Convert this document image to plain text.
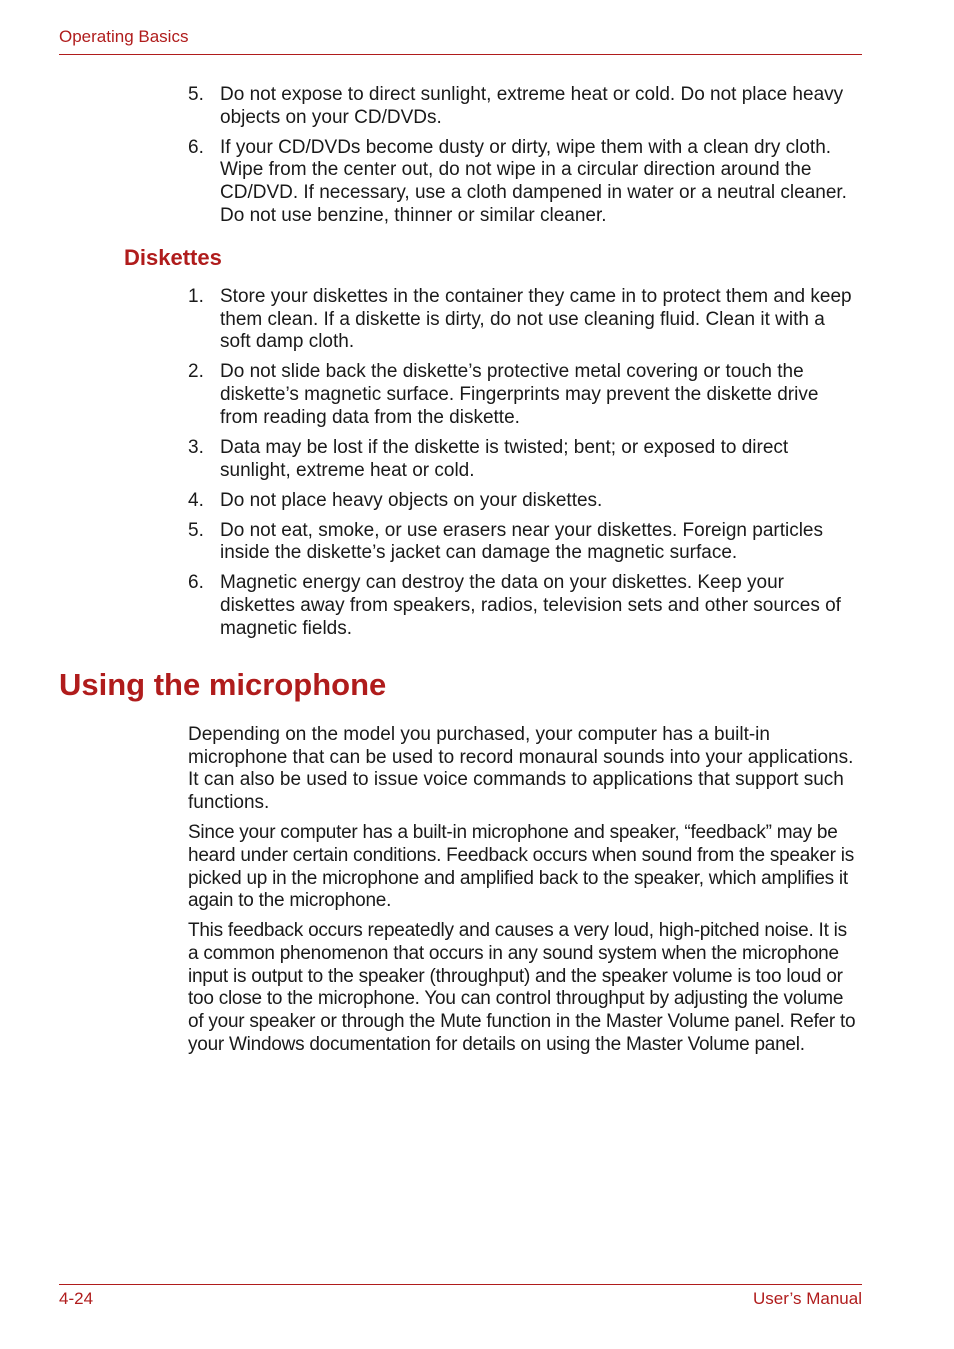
Operating Basics
5. Do not expose to direct sunlight, extreme heat or cold. Do not place heavy objects on your CD/DVDs.
6. If your CD/DVDs become dusty or dirty, wipe them with a clean dry cloth. Wipe from the center out, do not wipe in a circular direction around the CD/DVD. If necessary, use a cloth dampened in water or a neutral cleaner. Do not use benzine, thinner or similar cleaner.
Diskettes
1. Store your diskettes in the container they came in to protect them and keep them clean. If a diskette is dirty, do not use cleaning fluid. Clean it with a soft damp cloth.
2. Do not slide back the diskette’s protective metal covering or touch the diskette’s magnetic surface. Fingerprints may prevent the diskette drive from reading data from the diskette.
3. Data may be lost if the diskette is twisted; bent; or exposed to direct sunlight, extreme heat or cold.
4. Do not place heavy objects on your diskettes.
5. Do not eat, smoke, or use erasers near your diskettes. Foreign particles inside the diskette’s jacket can damage the magnetic surface.
6. Magnetic energy can destroy the data on your diskettes. Keep your diskettes away from speakers, radios, television sets and other sources of magnetic fields.
Using the microphone

Depending on the model you purchased, your computer has a built-in microphone that can be used to record monaural sounds into your applications. It can also be used to issue voice commands to applications that support such functions.

Since your computer has a built-in microphone and speaker, “feedback” may be heard under certain conditions. Feedback occurs when sound from the speaker is picked up in the microphone and amplified back to the speaker, which amplifies it again to the microphone.

This feedback occurs repeatedly and causes a very loud, high-pitched noise. It is a common phenomenon that occurs in any sound system when the microphone input is output to the speaker (throughput) and the speaker volume is too loud or too close to the microphone. You can control throughput by adjusting the volume of your speaker or through the Mute function in the Master Volume panel. Refer to your Windows documentation for details on using the Master Volume panel.

4-24	User’s Manual
